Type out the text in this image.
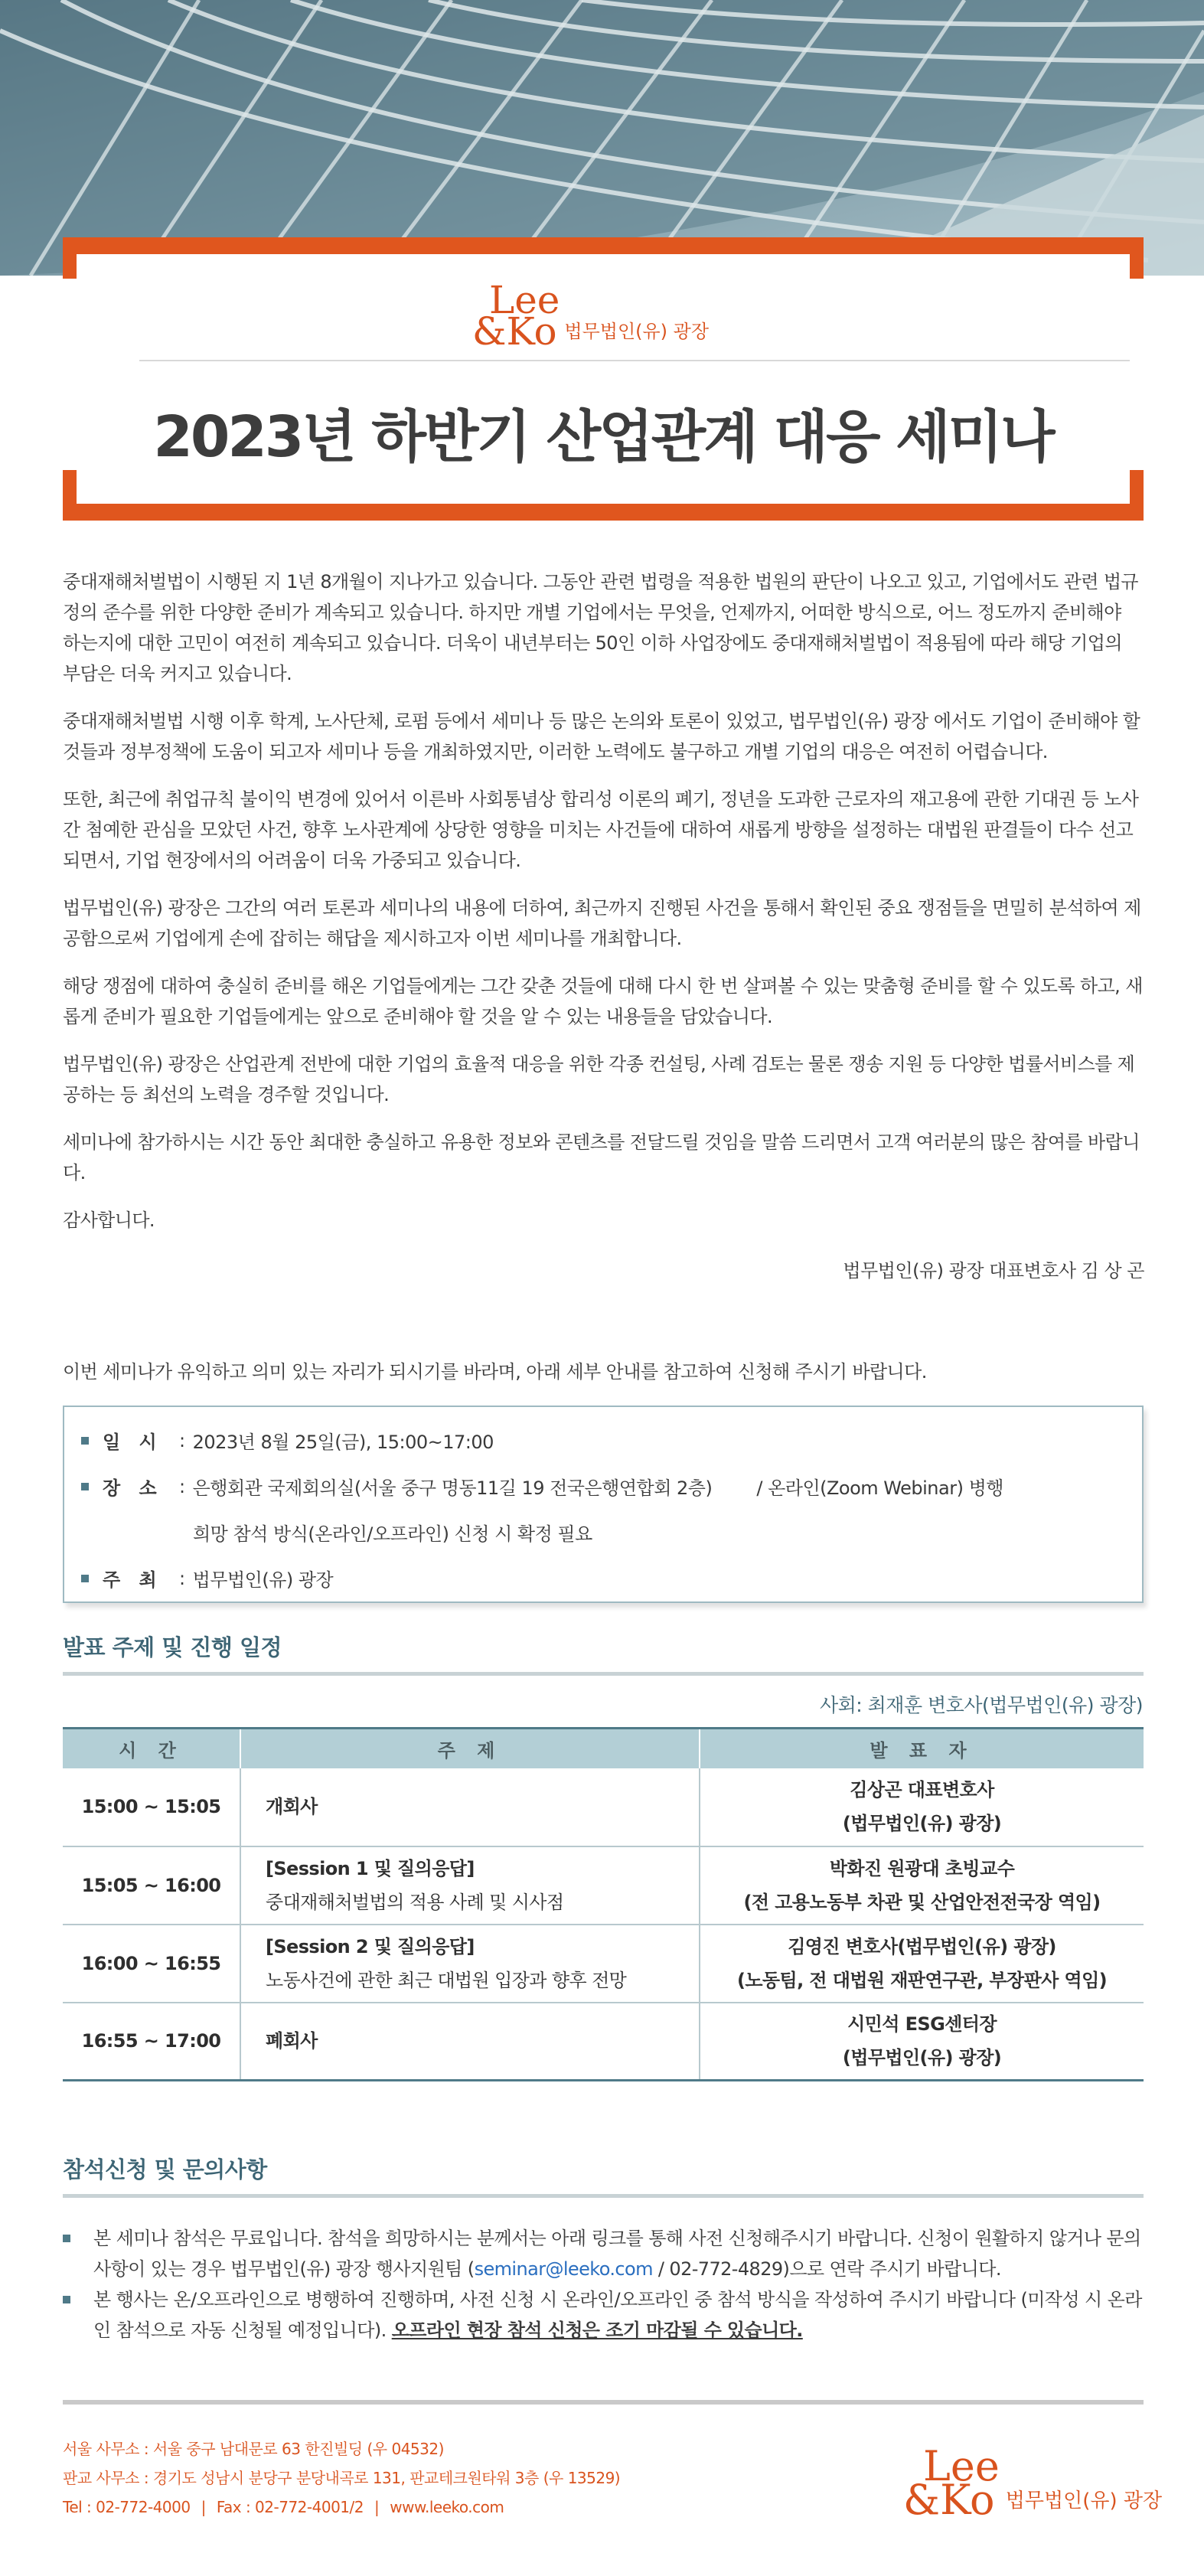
Lee
&Ko 법무법인(유) 광장
2023년 하반기 산업관계 대응 세미나

중대재해처벌법이 시행된 지 1년 8개월이 지나가고 있습니다. 그동안 관련 법령을 적용한 법원의 판단이 나오고 있고, 기업에서도 관련 법규정의 준수를 위한 다양한 준비가 계속되고 있습니다. 하지만 개별 기업에서는 무엇을, 언제까지, 어떠한 방식으로, 어느 정도까지 준비해야 하는지에 대한 고민이 여전히 계속되고 있습니다. 더욱이 내년부터는 50인 이하 사업장에도 중대재해처벌법이 적용됨에 따라 해당 기업의 부담은 더욱 커지고 있습니다.

중대재해처벌법 시행 이후 학계, 노사단체, 로펌 등에서 세미나 등 많은 논의와 토론이 있었고, 법무법인(유) 광장 에서도 기업이 준비해야 할 것들과 정부정책에 도움이 되고자 세미나 등을 개최하였지만, 이러한 노력에도 불구하고 개별 기업의 대응은 여전히 어렵습니다.

또한, 최근에 취업규칙 불이익 변경에 있어서 이른바 사회통념상 합리성 이론의 폐기, 정년을 도과한 근로자의 재고용에 관한 기대권 등 노사간 첨예한 관심을 모았던 사건, 향후 노사관계에 상당한 영향을 미치는 사건들에 대하여 새롭게 방향을 설정하는 대법원 판결들이 다수 선고되면서, 기업 현장에서의 어려움이 더욱 가중되고 있습니다.

법무법인(유) 광장은 그간의 여러 토론과 세미나의 내용에 더하여, 최근까지 진행된 사건을 통해서 확인된 중요 쟁점들을 면밀히 분석하여 제공함으로써 기업에게 손에 잡히는 해답을 제시하고자 이번 세미나를 개최합니다.

해당 쟁점에 대하여 충실히 준비를 해온 기업들에게는 그간 갖춘 것들에 대해 다시 한 번 살펴볼 수 있는 맞춤형 준비를 할 수 있도록 하고, 새롭게 준비가 필요한 기업들에게는 앞으로 준비해야 할 것을 알 수 있는 내용들을 담았습니다.

법무법인(유) 광장은 산업관계 전반에 대한 기업의 효율적 대응을 위한 각종 컨설팅, 사례 검토는 물론 쟁송 지원 등 다양한 법률서비스를 제공하는 등 최선의 노력을 경주할 것입니다.

세미나에 참가하시는 시간 동안 최대한 충실하고 유용한 정보와 콘텐츠를 전달드릴 것임을 말씀 드리면서 고객 여러분의 많은 참여를 바랍니다.

감사합니다.

법무법인(유) 광장 대표변호사 김 상 곤
이번 세미나가 유익하고 의미 있는 자리가 되시기를 바라며, 아래 세부 안내를 참고하여 신청해 주시기 바랍니다.
일 시 : 2023년 8월 25일(금), 15:00~17:00
장 소 : 은행회관 국제회의실(서울 중구 명동11길 19 전국은행연합회 2층) / 온라인(Zoom Webinar) 병행
희망 참석 방식(온라인/오프라인) 신청 시 확정 필요
주 최 : 법무법인(유) 광장
발표 주제 및 진행 일정
사회: 최재훈 변호사(법무법인(유) 광장)
시 간	주 제	발 표 자
15:00 ~ 15:05	개회사	김상곤 대표변호사
(법무법인(유) 광장)

15:05 ~ 16:00	[Session 1 및 질의응답]
중대재해처벌법의 적용 사례 및 시사점	박화진 원광대 초빙교수
(전 고용노동부 차관 및 산업안전전국장 역임)

16:00 ~ 16:55	[Session 2 및 질의응답]
노동사건에 관한 최근 대법원 입장과 향후 전망	김영진 변호사(법무법인(유) 광장)
(노동팀, 전 대법원 재판연구관, 부장판사 역임)

16:55 ~ 17:00	폐회사	시민석 ESG센터장
(법무법인(유) 광장)
참석신청 및 문의사항
본 세미나 참석은 무료입니다. 참석을 희망하시는 분께서는 아래 링크를 통해 사전 신청해주시기 바랍니다. 신청이 원활하지 않거나 문의사항이 있는 경우 법무법인(유) 광장 행사지원팀 (seminar@leeko.com / 02-772-4829)으로 연락 주시기 바랍니다.
본 행사는 온/오프라인으로 병행하여 진행하며, 사전 신청 시 온라인/오프라인 중 참석 방식을 작성하여 주시기 바랍니다 (미작성 시 온라인 참석으로 자동 신청될 예정입니다). 오프라인 현장 참석 신청은 조기 마감될 수 있습니다.
서울 사무소 : 서울 중구 남대문로 63 한진빌딩 (우 04532)
판교 사무소 : 경기도 성남시 분당구 분당내곡로 131, 판교테크원타워 3층 (우 13529)
Tel : 02-772-4000 | Fax : 02-772-4001/2 | www.leeko.com
Lee
&Ko 법무법인(유) 광장
